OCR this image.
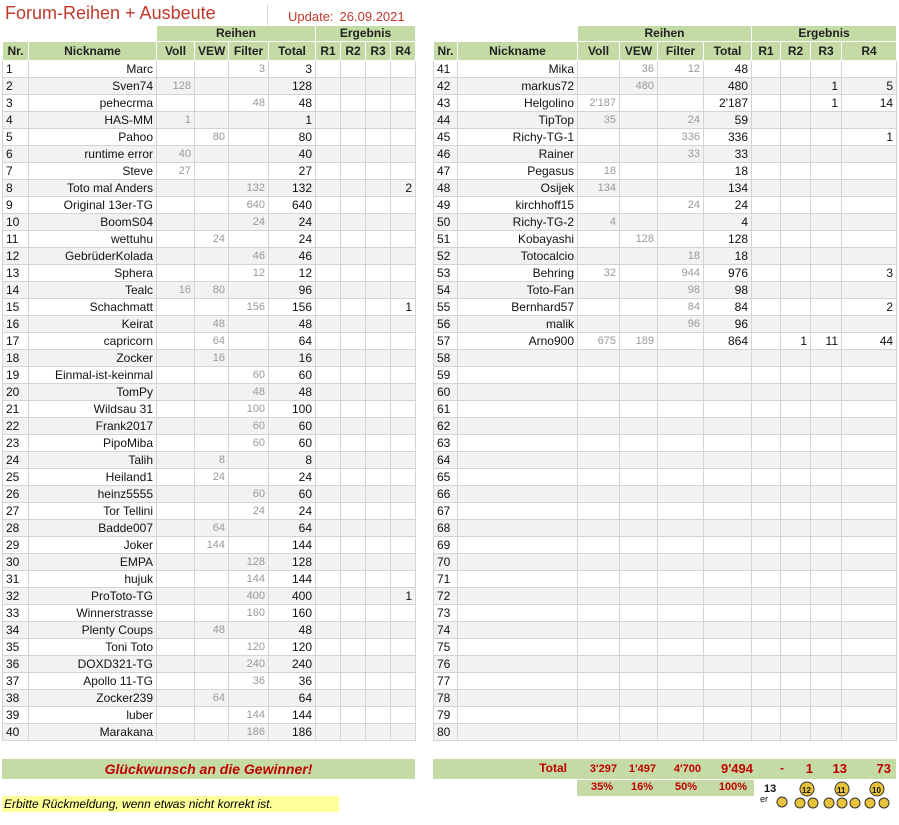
Forum-Reihen + Ausbeute	Update: 26.09.2021
		Reihen				Ergebnis			
Nr.	Nickname	Voll	VEW	Filter	Total	R1	R2	R3	R4
1	Marc			3	3				
2	Sven74	128			128				
3	pehecrma			48	48				
4	HAS-MM	1			1				
5	Pahoo		80		80				
6	runtime error	40			40				
7	Steve	27			27				
8	Toto mal Anders			132	132				2
9	Original 13er-TG			640	640				
10	BoomS04			24	24				
11	wettuhu		24		24				
12	GebrüderKolada			46	46				
13	Sphera			12	12				
14	Tealc	16	80		96				
15	Schachmatt			156	156				1
16	Keirat		48		48				
17	capricorn		64		64				
18	Zocker		16		16				
19	Einmal-ist-keinmal			60	60				
20	TomPy			48	48				
21	Wildsau 31			100	100				
22	Frank2017			60	60				
23	PipoMiba			60	60				
24	Talih		8		8				
25	Heiland1		24		24				
26	heinz5555			60	60				
27	Tor Tellini			24	24				
28	Badde007		64		64				
29	Joker		144		144				
30	EMPA			128	128				
31	hujuk			144	144				
32	ProToto-TG			400	400				1
33	Winnerstrasse			160	160				
34	Plenty Coups		48		48				
35	Toni Toto			120	120				
36	DOXD321-TG			240	240				
37	Apollo 11-TG			36	36				
38	Zocker239		64		64				
39	luber			144	144				
40	Marakana			186	186				
		Reihen				Ergebnis			
Nr.	Nickname	Voll	VEW	Filter	Total	R1	R2	R3	R4
41	Mika		36	12	48				
42	markus72		480		480			1	5
43	Helgolino	2'187			2'187			1	14
44	TipTop	35		24	59				
45	Richy-TG-1			336	336				1
46	Rainer			33	33				
47	Pegasus	18			18				
48	Osijek	134			134				
49	kirchhoff15			24	24				
50	Richy-TG-2	4			4				
51	Kobayashi		128		128				
52	Totocalcio			18	18				
53	Behring	32		944	976				3
54	Toto-Fan			98	98				
55	Bernhard57			84	84				2
56	malik			96	96				
57	Arno900	675	189		864		1	11	44
58									
59									
60									
61									
62									
63									
64									
65									
66									
67									
68									
69									
70									
71									
72									
73									
74									
75									
76									
77									
78									
79									
80									
Glückwunsch an die Gewinner!
Erbitte Rückmeldung, wenn etwas nicht korrekt ist.
Total	3'297	1'497	4'700	9'494	-	1	13	73
35%	16%	50%	100% 13
er
12	11	10
